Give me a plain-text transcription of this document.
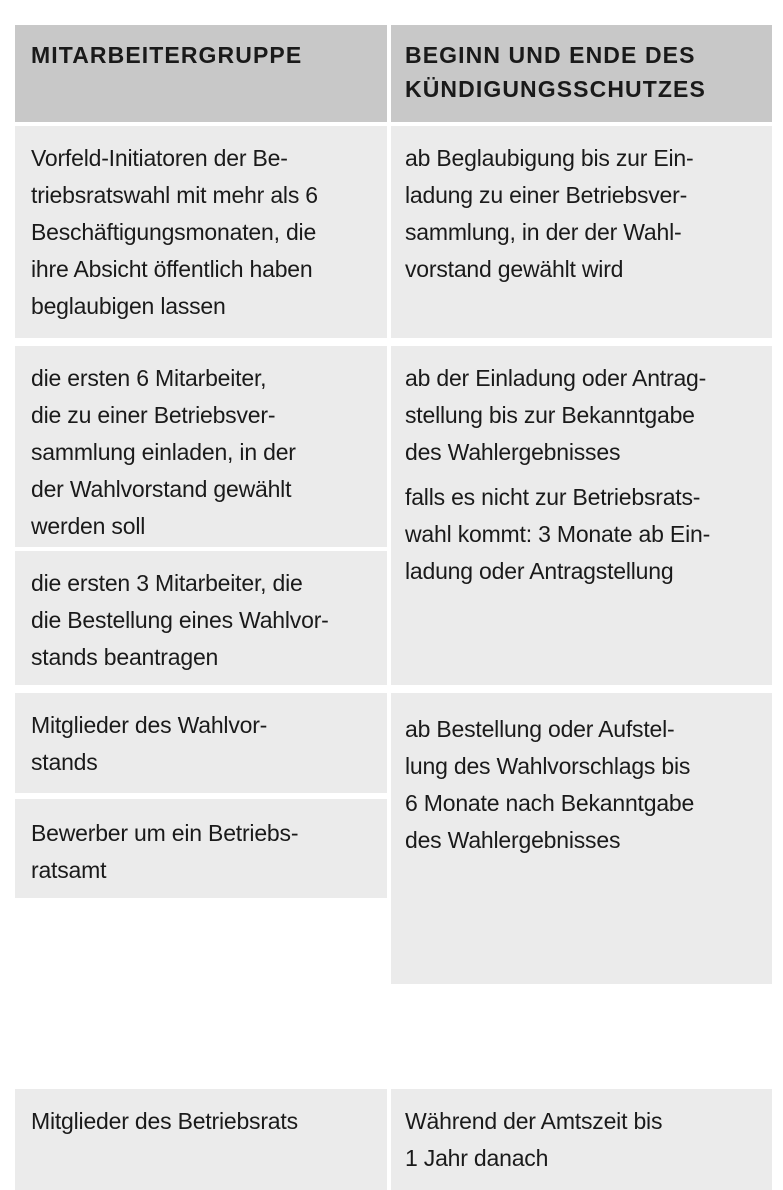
MITARBEITERGRUPPE	BEGINN UND ENDE DES
KÜNDIGUNGSSCHUTZES
Vorfeld-Initiatoren der Be-
triebsratswahl mit mehr als 6
Beschäftigungsmonaten, die
ihre Absicht öffentlich haben
beglaubigen lassen
ab Beglaubigung bis zur Ein-
ladung zu einer Betriebsver-
sammlung, in der der Wahl-
vorstand gewählt wird
die ersten 6 Mitarbeiter,
die zu einer Betriebsver-
sammlung einladen, in der
der Wahlvorstand gewählt
werden soll
die ersten 3 Mitarbeiter, die
die Bestellung eines Wahlvor-
stands beantragen
ab der Einladung oder Antrag-
stellung bis zur Bekanntgabe
des Wahlergebnisses
falls es nicht zur Betriebsrats-
wahl kommt: 3 Monate ab Ein-
ladung oder Antragstellung
Mitglieder des Wahlvor-
stands
Bewerber um ein Betriebs-
ratsamt
ab Bestellung oder Aufstel-
lung des Wahlvorschlags bis
6 Monate nach Bekanntgabe
des Wahlergebnisses
Mitglieder des Betriebsrats	Während der Amtszeit bis
1 Jahr danach
